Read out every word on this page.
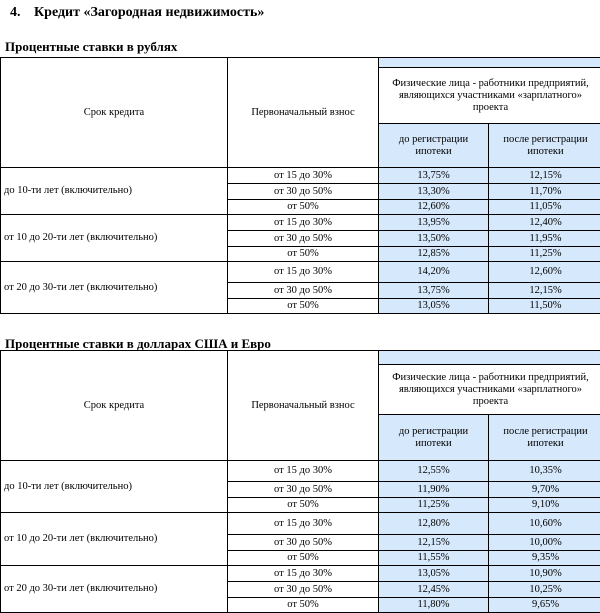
4. Кредит «Загородная недвижимость»
Процентные ставки в рублях
Срок кредита	Первоначальный взнос		
		Физические лица - работники предприятий, являющихся участниками «зарплатного» проекта	
		до регистрации ипотеки	после регистрации ипотеки
до 10-ти лет (включительно)	от 15 до 30%	13,75%	12,15%
	от 30 до 50%	13,30%	11,70%
	от 50%	12,60%	11,05%
от 10 до 20-ти лет (включительно)	от 15 до 30%	13,95%	12,40%
	от 30 до 50%	13,50%	11,95%
	от 50%	12,85%	11,25%
от 20 до 30-ти лет (включительно)	от 15 до 30%	14,20%	12,60%
	от 30 до 50%	13,75%	12,15%
	от 50%	13,05%	11,50%
Процентные ставки в долларах США и Евро
Срок кредита	Первоначальный взнос		
		Физические лица - работники предприятий, являющихся участниками «зарплатного» проекта	
		до регистрации ипотеки	после регистрации ипотеки
до 10-ти лет (включительно)	от 15 до 30%	12,55%	10,35%
	от 30 до 50%	11,90%	9,70%
	от 50%	11,25%	9,10%
от 10 до 20-ти лет (включительно)	от 15 до 30%	12,80%	10,60%
	от 30 до 50%	12,15%	10,00%
	от 50%	11,55%	9,35%
от 20 до 30-ти лет (включительно)	от 15 до 30%	13,05%	10,90%
	от 30 до 50%	12,45%	10,25%
	от 50%	11,80%	9,65%
